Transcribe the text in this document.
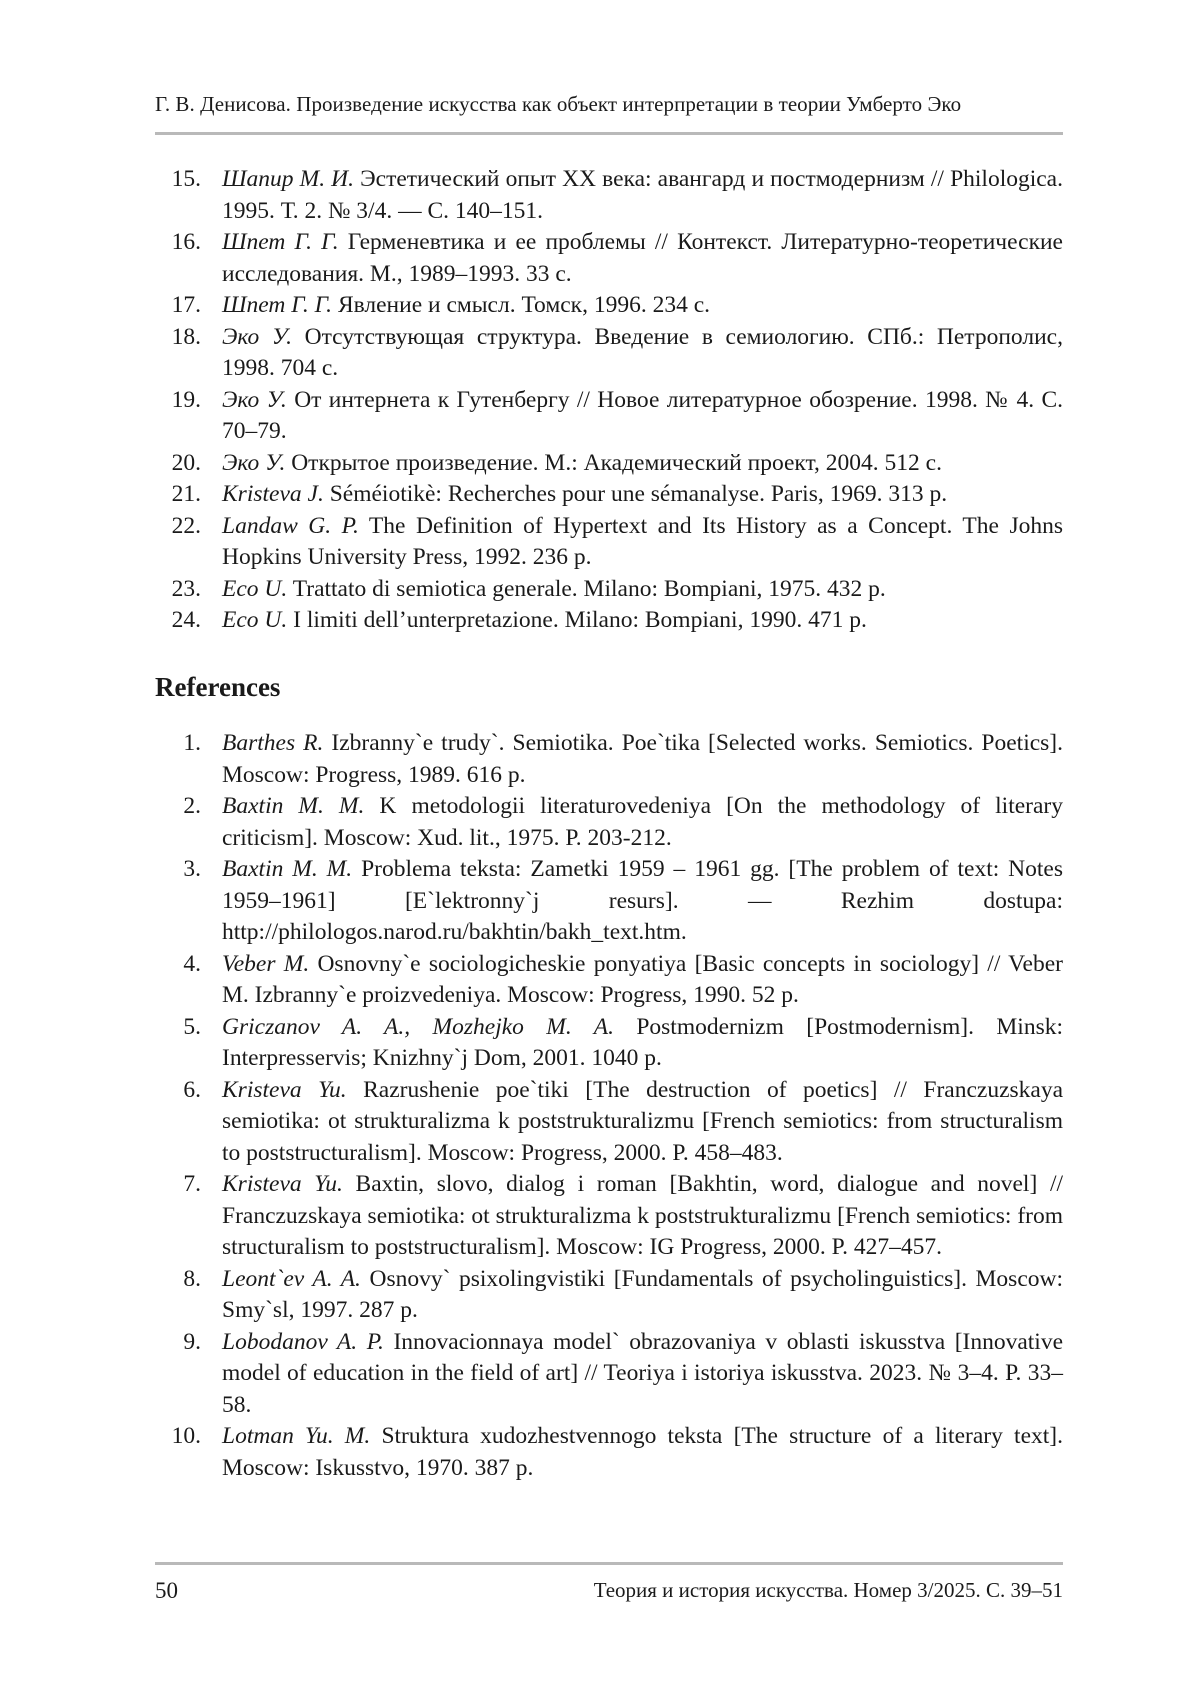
Г. В. Денисова. Произведение искусства как объект интерпретации в теории Умберто Эко
15. Шапир М. И. Эстетический опыт XX века: авангард и постмодернизм // Philologica. 1995. Т. 2. № 3/4. — С. 140–151.
16. Шпет Г. Г. Герменевтика и ее проблемы // Контекст. Литературно-теоретические исследования. М., 1989–1993. 33 с.
17. Шпет Г. Г. Явление и смысл. Томск, 1996. 234 с.
18. Эко У. Отсутствующая структура. Введение в семиологию. СПб.: Петрополис, 1998. 704 с.
19. Эко У. От интернета к Гутенбергу // Новое литературное обозрение. 1998. № 4. С. 70–79.
20. Эко У. Открытое произведение. М.: Академический проект, 2004. 512 с.
21. Kristeva J. Séméiotikè: Recherches pour une sémanalyse. Paris, 1969. 313 p.
22. Landaw G. P. The Definition of Hypertext and Its History as a Concept. The Johns Hopkins University Press, 1992. 236 p.
23. Eco U. Trattato di semiotica generale. Milano: Bompiani, 1975. 432 p.
24. Eco U. I limiti dell’unterpretazione. Milano: Bompiani, 1990. 471 p.
References
1. Barthes R. Izbranny`e trudy`. Semiotika. Poe`tika [Selected works. Semiotics. Poetics]. Moscow: Progress, 1989. 616 p.
2. Baxtin M. M. K metodologii literaturovedeniya [On the methodology of literary criticism]. Moscow: Xud. lit., 1975. P. 203-212.
3. Baxtin M. M. Problema teksta: Zametki 1959 – 1961 gg. [The problem of text: Notes 1959–1961] [E`lektronny`j resurs]. — Rezhim dostupa: http://philologos.narod.ru/bakhtin/bakh_text.htm.
4. Veber M. Osnovny`e sociologicheskie ponyatiya [Basic concepts in sociology] // Veber M. Izbranny`e proizvedeniya. Moscow: Progress, 1990. 52 p.
5. Griczanov A. A., Mozhejko M. A. Postmodernizm [Postmodernism]. Minsk: Interpresservis; Knizhny`j Dom, 2001. 1040 p.
6. Kristeva Yu. Razrushenie poe`tiki [The destruction of poetics] // Franczuzskaya semiotika: ot strukturalizma k poststrukturalizmu [French semiotics: from structuralism to poststructuralism]. Moscow: Progress, 2000. P. 458–483.
7. Kristeva Yu. Baxtin, slovo, dialog i roman [Bakhtin, word, dialogue and novel] // Franczuzskaya semiotika: ot strukturalizma k poststrukturalizmu [French semiotics: from structuralism to poststructuralism]. Moscow: IG Progress, 2000. P. 427–457.
8. Leont`ev A. A. Osnovy` psixolingvistiki [Fundamentals of psycholinguistics]. Moscow: Smy`sl, 1997. 287 p.
9. Lobodanov A. P. Innovacionnaya model` obrazovaniya v oblasti iskusstva [Innovative model of education in the field of art] // Teoriya i istoriya iskusstva. 2023. № 3–4. P. 33–58.
10. Lotman Yu. M. Struktura xudozhestvennogo teksta [The structure of a literary text]. Moscow: Iskusstvo, 1970. 387 p.
50	Теория и история искусства. Номер 3/2025. С. 39–51
